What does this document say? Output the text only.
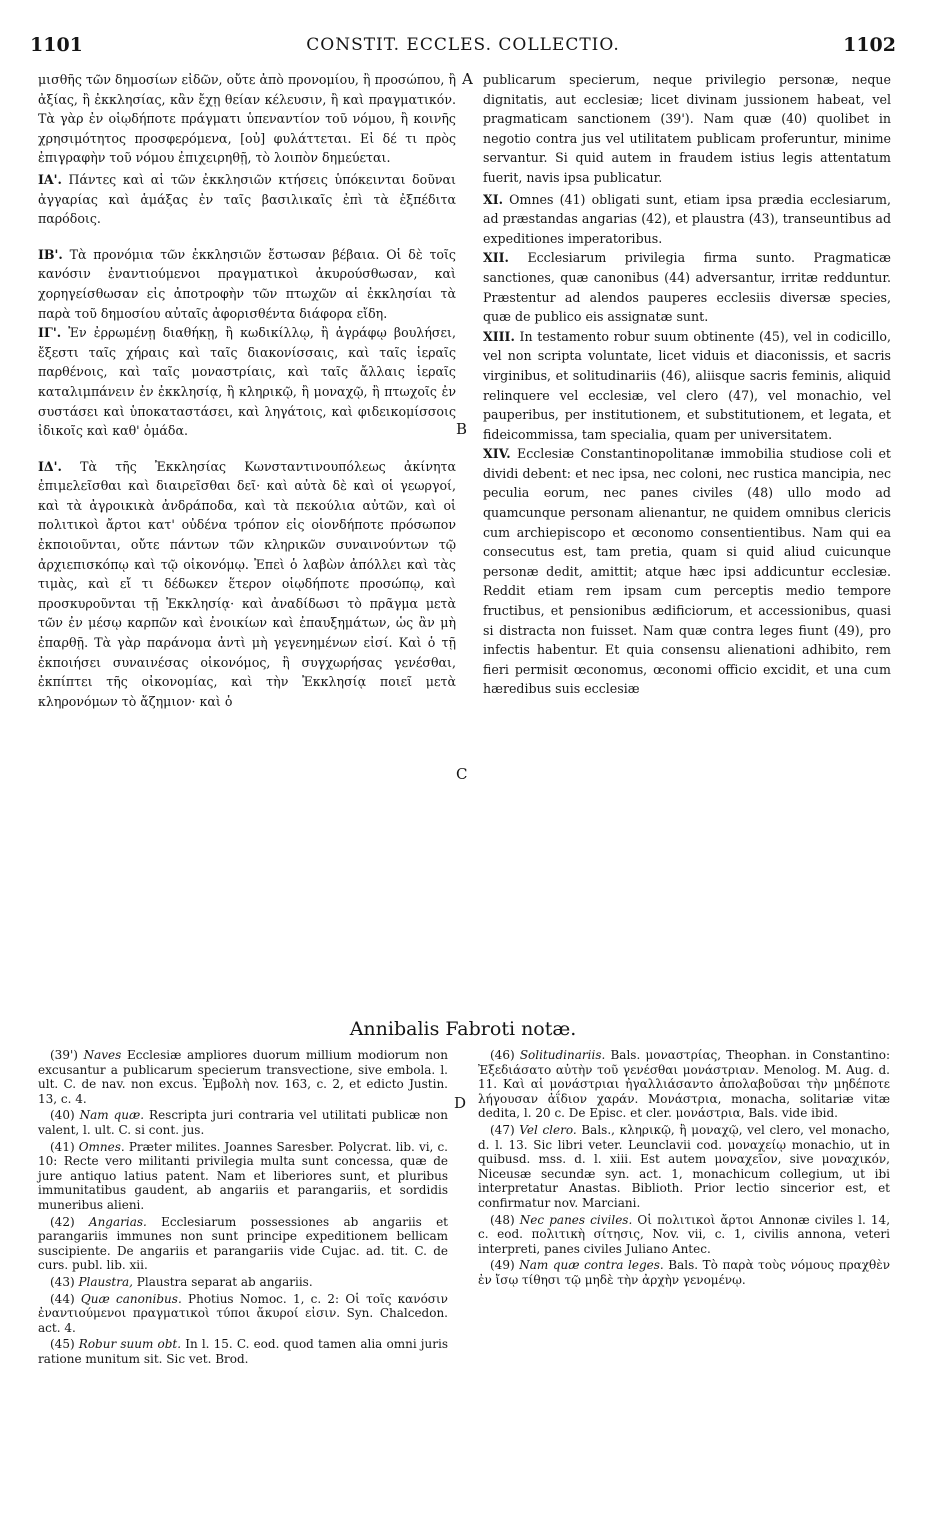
1101	CONSTIT. ECCLES. COLLECTIO.	1102

μισθῆς τῶν δημοσίων εἰδῶν, οὔτε ἀπὸ προνομίου, ἢ προσώπου, ἢ ἀξίας, ἢ ἐκκλησίας, κἂν ἔχῃ θείαν κέλευσιν, ἢ καὶ πραγματικόν. Τὰ γὰρ ἐν οἱῳδήποτε πράγματι ὑπεναντίον τοῦ νόμου, ἢ κοινῆς χρησιμότητος προσφερόμενα, [οὐ] φυλάττεται. Εἰ δέ τι πρὸς ἐπιγραφὴν τοῦ νόμου ἐπιχειρηθῇ, τὸ λοιπὸν δημεύεται.

ΙΑ'. Πάντες καὶ αἱ τῶν ἐκκλησιῶν κτήσεις ὑπόκεινται δοῦναι ἀγγαρίας καὶ ἁμάξας ἐν ταῖς βασιλικαῖς ἐπὶ τὰ ἐξπέδιτα παρόδοις.

ΙΒ'. Τὰ προνόμια τῶν ἐκκλησιῶν ἔστωσαν βέβαια. Οἱ δὲ τοῖς κανόσιν ἐναντιούμενοι πραγματικοὶ ἀκυρούσθωσαν, καὶ χορηγείσθωσαν εἰς ἀποτροφὴν τῶν πτωχῶν αἱ ἐκκλησίαι τὰ παρὰ τοῦ δημοσίου αὐταῖς ἀφορισθέντα διάφορα εἴδη.

ΙΓ'. Ἐν ἐρρωμένῃ διαθήκῃ, ἢ κωδικίλλῳ, ἢ ἀγράφῳ βουλήσει, ἔξεστι ταῖς χήραις καὶ ταῖς διακονίσσαις, καὶ ταῖς ἱεραῖς παρθένοις, καὶ ταῖς μοναστρίαις, καὶ ταῖς ἄλλαις ἱεραῖς καταλιμπάνειν ἐν ἐκκλησίᾳ, ἢ κληρικῷ, ἢ μοναχῷ, ἢ πτωχοῖς ἐν συστάσει καὶ ὑποκαταστάσει, καὶ ληγάτοις, καὶ φιδεικομίσσοις ἰδικοῖς καὶ καθ' ὁμάδα.

ΙΔ'. Τὰ τῆς Ἐκκλησίας Κωνσταντινουπόλεως ἀκίνητα ἐπιμελεῖσθαι καὶ διαιρεῖσθαι δεῖ· καὶ αὐτὰ δὲ καὶ οἱ γεωργοί, καὶ τὰ ἀγροικικὰ ἀνδράποδα, καὶ τὰ πεκούλια αὐτῶν, καὶ οἱ πολιτικοὶ ἄρτοι κατ' οὐδένα τρόπον εἰς οἱονδήποτε πρόσωπον ἐκποιοῦνται, οὔτε πάντων τῶν κληρικῶν συναινούντων τῷ ἀρχιεπισκόπῳ καὶ τῷ οἰκονόμῳ. Ἐπεὶ ὁ λαβὼν ἀπόλλει καὶ τὰς τιμὰς, καὶ εἴ τι δέδωκεν ἕτερον οἱῳδήποτε προσώπῳ, καὶ προσκυροῦνται τῇ Ἐκκλησίᾳ· καὶ ἀναδίδωσι τὸ πρᾶγμα μετὰ τῶν ἐν μέσῳ καρπῶν καὶ ἐνοικίων καὶ ἐπαυξημάτων, ὡς ἂν μὴ ἐπαρθῇ. Τὰ γὰρ παράνομα ἀντὶ μὴ γεγενημένων εἰσί. Καὶ ὁ τῇ ἐκποιήσει συναινέσας οἰκονόμος, ἢ συγχωρήσας γενέσθαι, ἐκπίπτει τῆς οἰκονομίας, καὶ τὴν Ἐκκλησίᾳ ποιεῖ μετὰ κληρονόμων τὸ ἄζημιον· καὶ ὁ

A
B
C
D

publicarum specierum, neque privilegio personæ, neque dignitatis, aut ecclesiæ; licet divinam jussionem habeat, vel pragmaticam sanctionem (39'). Nam quæ (40) quolibet in negotio contra jus vel utilitatem publicam proferuntur, minime servantur. Si quid autem in fraudem istius legis attentatum fuerit, navis ipsa publicatur.

XI. Omnes (41) obligati sunt, etiam ipsa prædia ecclesiarum, ad præstandas angarias (42), et plaustra (43), transeuntibus ad expeditiones imperatoribus.

XII. Ecclesiarum privilegia firma sunto. Pragmaticæ sanctiones, quæ canonibus (44) adversantur, irritæ redduntur. Præstentur ad alendos pauperes ecclesiis diversæ species, quæ de publico eis assignatæ sunt.

XIII. In testamento robur suum obtinente (45), vel in codicillo, vel non scripta voluntate, licet viduis et diaconissis, et sacris virginibus, et solitudinariis (46), aliisque sacris feminis, aliquid relinquere vel ecclesiæ, vel clero (47), vel monachio, vel pauperibus, per institutionem, et substitutionem, et legata, et fideicommissa, tam specialia, quam per universitatem.

XIV. Ecclesiæ Constantinopolitanæ immobilia studiose coli et dividi debent: et nec ipsa, nec coloni, nec rustica mancipia, nec peculia eorum, nec panes civiles (48) ullo modo ad quamcunque personam alienantur, ne quidem omnibus clericis cum archiepiscopo et œconomo consentientibus. Nam qui ea consecutus est, tam pretia, quam si quid aliud cuicunque personæ dedit, amittit; atque hæc ipsi addicuntur ecclesiæ. Reddit etiam rem ipsam cum perceptis medio tempore fructibus, et pensionibus ædificiorum, et accessionibus, quasi si distracta non fuisset. Nam quæ contra leges fiunt (49), pro infectis habentur. Et quia consensu alienationi adhibito, rem fieri permisit œconomus, œconomi officio excidit, et una cum hæredibus suis ecclesiæ

Annibalis Fabroti notæ.

(39') Naves Ecclesiæ ampliores duorum millium modiorum non excusantur a publicarum specierum transvectione, sive embola. l. ult. C. de nav. non excus. Ἐμβολὴ nov. 163, c. 2, et edicto Justin. 13, c. 4.

(40) Nam quæ. Rescripta juri contraria vel utilitati publicæ non valent, l. ult. C. si cont. jus.

(41) Omnes. Præter milites. Joannes Saresber. Polycrat. lib. vi, c. 10: Recte vero militanti privilegia multa sunt concessa, quæ de jure antiquo latius patent. Nam et liberiores sunt, et pluribus immunitatibus gaudent, ab angariis et parangariis, et sordidis muneribus alieni.

(42) Angarias. Ecclesiarum possessiones ab angariis et parangariis immunes non sunt principe expeditionem bellicam suscipiente. De angariis et parangariis vide Cujac. ad. tit. C. de curs. publ. lib. xii.

(43) Plaustra, Plaustra separat ab angariis.

(44) Quæ canonibus. Photius Nomoc. 1, c. 2: Οἱ τοῖς κανόσιν ἐναντιούμενοι πραγματικοὶ τύποι ἄκυροί εἰσιν. Syn. Chalcedon. act. 4.

(45) Robur suum obt. In l. 15. C. eod. quod tamen alia omni juris ratione munitum sit. Sic vet. Brod.

(46) Solitudinariis. Bals. μοναστρίας, Theophan. in Constantino: Ἐξεδιάσατο αὐτὴν τοῦ γενέσθαι μονάστριαν. Menolog. M. Aug. d. 11. Καὶ αἱ μονάστριαι ἠγαλλιάσαντο ἀπολαβοῦσαι τὴν μηδέποτε λήγουσαν ἀΐδιον χαράν. Μονάστρια, monacha, solitariæ vitæ dedita, l. 20 c. De Episc. et cler. μονάστρια, Bals. vide ibid.

(47) Vel clero. Bals., κληρικῷ, ἢ μοναχῷ, vel clero, vel monacho, d. l. 13. Sic libri veter. Leunclavii cod. μοναχείῳ monachio, ut in quibusd. mss. d. l. xiii. Est autem μοναχεῖον, sive μοναχικόν, Niceusæ secundæ syn. act. 1, monachicum collegium, ut ibi interpretatur Anastas. Biblioth. Prior lectio sincerior est, et confirmatur nov. Marciani.

(48) Nec panes civiles. Οἱ πολιτικοὶ ἄρτοι Annonæ civiles l. 14, c. eod. πολιτικὴ σίτησις, Nov. vii, c. 1, civilis annona, veteri interpreti, panes civiles Juliano Antec.

(49) Nam quæ contra leges. Bals. Τὸ παρὰ τοὺς νόμους πραχθὲν ἐν ἴσῳ τίθησι τῷ μηδὲ τὴν ἀρχὴν γενομένῳ.
